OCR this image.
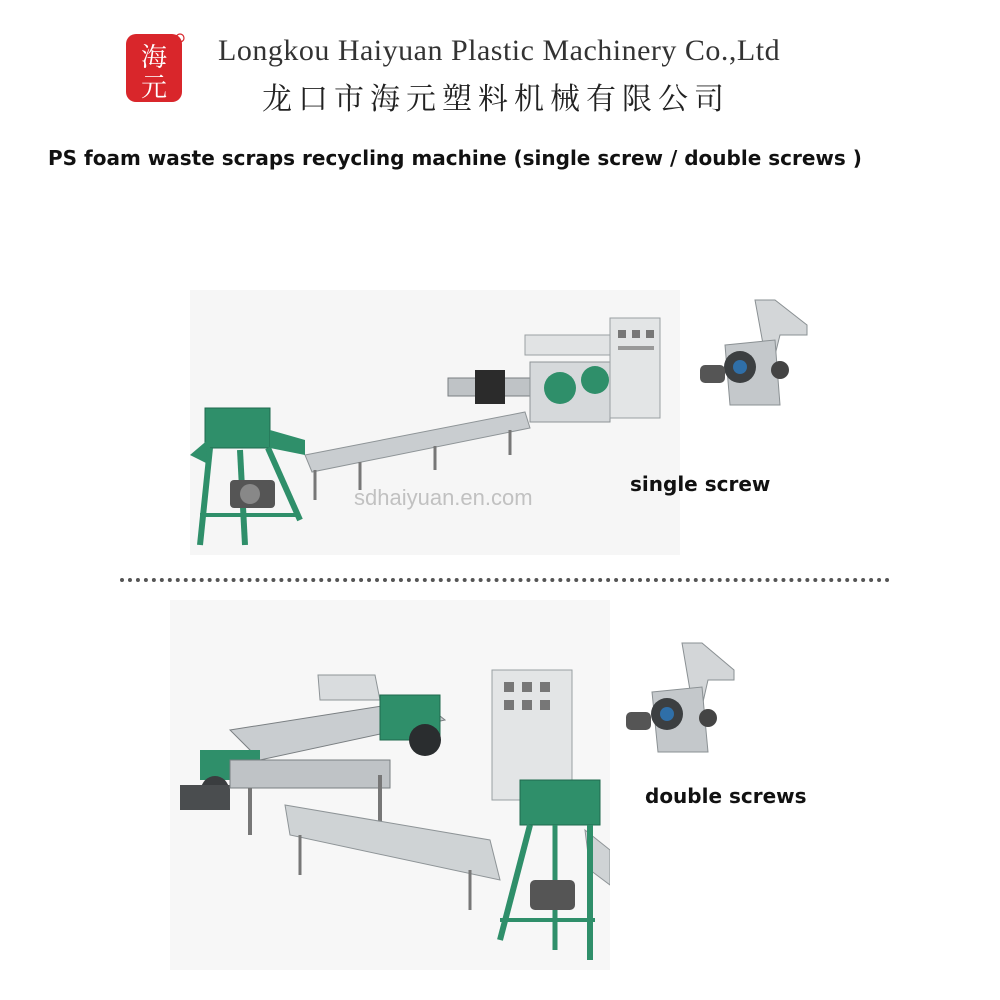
海
元
Longkou Haiyuan Plastic Machinery Co.,Ltd
龙口市海元塑料机械有限公司
PS foam waste scraps recycling machine (single screw / double screws )
sdhaiyuan.en.com
single screw
double screws
